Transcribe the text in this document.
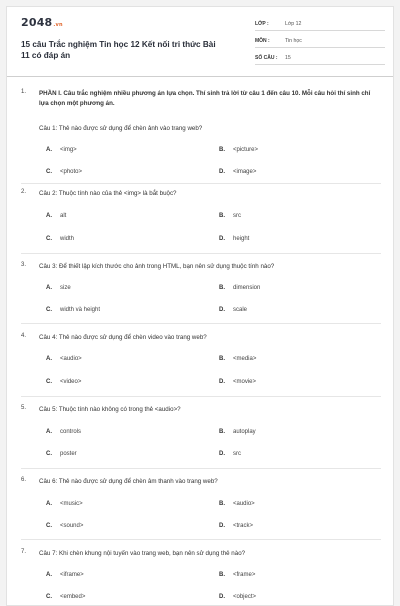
2048.vn
15 câu Trắc nghiệm Tin học 12 Kết nối tri thức Bài 11 có đáp án
LỚP :	Lớp 12
MÔN :	Tin học
SỐ CÂU :	15
1. PHẦN I. Câu trắc nghiệm nhiều phương án lựa chọn. Thí sinh trả lời từ câu 1 đến câu 10. Mỗi câu hỏi thí sinh chỉ lựa chọn một phương án.
Câu 1: Thẻ nào được sử dụng để chèn ảnh vào trang web?
A. <img>	B. <picture>
C. <photo>	D. <image>
2. Câu 2: Thuộc tính nào của thẻ <img> là bắt buộc?
A. alt	B. src
C. width	D. height
3. Câu 3: Để thiết lập kích thước cho ảnh trong HTML, bạn nên sử dụng thuộc tính nào?
A. size	B. dimension
C. width và height	D. scale
4. Câu 4: Thẻ nào được sử dụng để chèn video vào trang web?
A. <audio>	B. <media>
C. <video>	D. <movie>
5. Câu 5: Thuộc tính nào không có trong thẻ <audio>?
A. controls	B. autoplay
C. poster	D. src
6. Câu 6: Thẻ nào được sử dụng để chèn âm thanh vào trang web?
A. <music>	B. <audio>
C. <sound>	D. <track>
7. Câu 7: Khi chèn khung nội tuyến vào trang web, bạn nên sử dụng thẻ nào?
A. <iframe>	B. <frame>
C. <embed>	D. <object>
